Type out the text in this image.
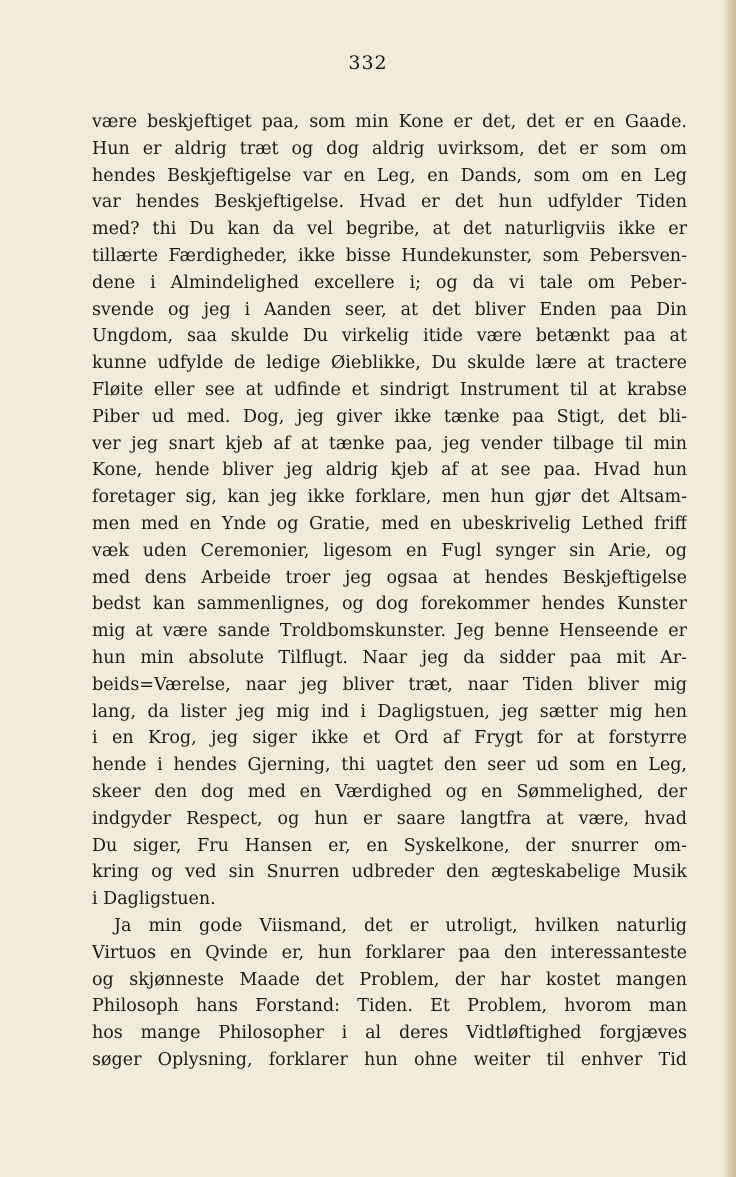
332
være beskjeftiget paa, som min Kone er det, det er en Gaade.
Hun er aldrig træt og dog aldrig uvirksom, det er som om
hendes Beskjeftigelse var en Leg, en Dands, som om en Leg
var hendes Beskjeftigelse. Hvad er det hun udfylder Tiden
med? thi Du kan da vel begribe, at det naturligviis ikke er
tillærte Færdigheder, ikke bisse Hundekunster, som Pebersven-
dene i Almindelighed excellere i; og da vi tale om Peber-
svende og jeg i Aanden seer, at det bliver Enden paa Din
Ungdom, saa skulde Du virkelig itide være betænkt paa at
kunne udfylde de ledige Øieblikke, Du skulde lære at tractere
Fløite eller see at udfinde et sindrigt Instrument til at krabse
Piber ud med. Dog, jeg giver ikke tænke paa Stigt, det bli-
ver jeg snart kjeb af at tænke paa, jeg vender tilbage til min
Kone, hende bliver jeg aldrig kjeb af at see paa. Hvad hun
foretager sig, kan jeg ikke forklare, men hun gjør det Altsam-
men med en Ynde og Gratie, med en ubeskrivelig Lethed friff
væk uden Ceremonier, ligesom en Fugl synger sin Arie, og
med dens Arbeide troer jeg ogsaa at hendes Beskjeftigelse
bedst kan sammenlignes, og dog forekommer hendes Kunster
mig at være sande Troldbomskunster. Jeg benne Henseende er
hun min absolute Tilflugt. Naar jeg da sidder paa mit Ar-
beids=Værelse, naar jeg bliver træt, naar Tiden bliver mig
lang, da lister jeg mig ind i Dagligstuen, jeg sætter mig hen
i en Krog, jeg siger ikke et Ord af Frygt for at forstyrre
hende i hendes Gjerning, thi uagtet den seer ud som en Leg,
skeer den dog med en Værdighed og en Sømmelighed, der
indgyder Respect, og hun er saare langtfra at være, hvad
Du siger, Fru Hansen er, en Syskelkone, der snurrer om-
kring og ved sin Snurren udbreder den ægteskabelige Musik
i Dagligstuen.
Ja min gode Viismand, det er utroligt, hvilken naturlig
Virtuos en Qvinde er, hun forklarer paa den interessanteste
og skjønneste Maade det Problem, der har kostet mangen
Philosoph hans Forstand: Tiden. Et Problem, hvorom man
hos mange Philosopher i al deres Vidtløftighed forgjæves
søger Oplysning, forklarer hun ohne weiter til enhver Tid
